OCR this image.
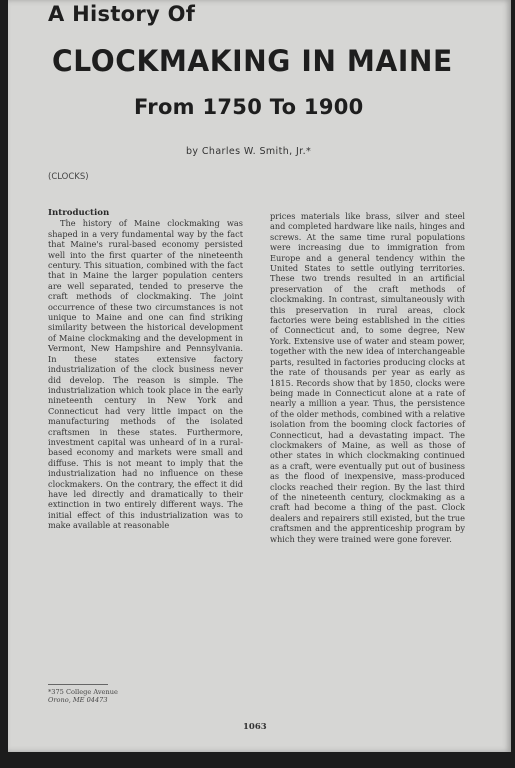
A History Of
CLOCKMAKING IN MAINE
From 1750 To 1900
by Charles W. Smith, Jr.*
(CLOCKS)

Introduction

The history of Maine clockmaking was shaped in a very fundamental way by the fact that Maine's rural-based economy persisted well into the first quarter of the nineteenth century. This situation, combined with the fact that in Maine the larger population centers are well separated, tended to preserve the craft methods of clockmaking. The joint occurrence of these two circumstances is not unique to Maine and one can find striking similarity between the historical development of Maine clockmaking and the development in Vermont, New Hampshire and Pennsylvania. In these states extensive factory industrialization of the clock business never did develop. The reason is simple. The industrialization which took place in the early nineteenth century in New York and Connecticut had very little impact on the manufacturing methods of the isolated craftsmen in these states. Furthermore, investment capital was unheard of in a rural-based economy and markets were small and diffuse. This is not meant to imply that the industrialization had no influence on these clockmakers. On the contrary, the effect it did have led directly and dramatically to their extinction in two entirely different ways. The initial effect of this industrialization was to make available at reasonable

prices materials like brass, silver and steel and completed hardware like nails, hinges and screws. At the same time rural populations were increasing due to immigration from Europe and a general tendency within the United States to settle outlying territories. These two trends resulted in an artificial preservation of the craft methods of clockmaking. In contrast, simultaneously with this preservation in rural areas, clock factories were being established in the cities of Connecticut and, to some degree, New York. Extensive use of water and steam power, together with the new idea of interchangeable parts, resulted in factories producing clocks at the rate of thousands per year as early as 1815. Records show that by 1850, clocks were being made in Connecticut alone at a rate of nearly a million a year. Thus, the persistence of the older methods, combined with a relative isolation from the booming clock factories of Connecticut, had a devastating impact. The clockmakers of Maine, as well as those of other states in which clockmaking continued as a craft, were eventually put out of business as the flood of inexpensive, mass-produced clocks reached their region. By the last third of the nineteenth century, clockmaking as a craft had become a thing of the past. Clock dealers and repairers still existed, but the true craftsmen and the apprenticeship program by which they were trained were gone forever.

*375 College Avenue
Orono, ME 04473
1063
